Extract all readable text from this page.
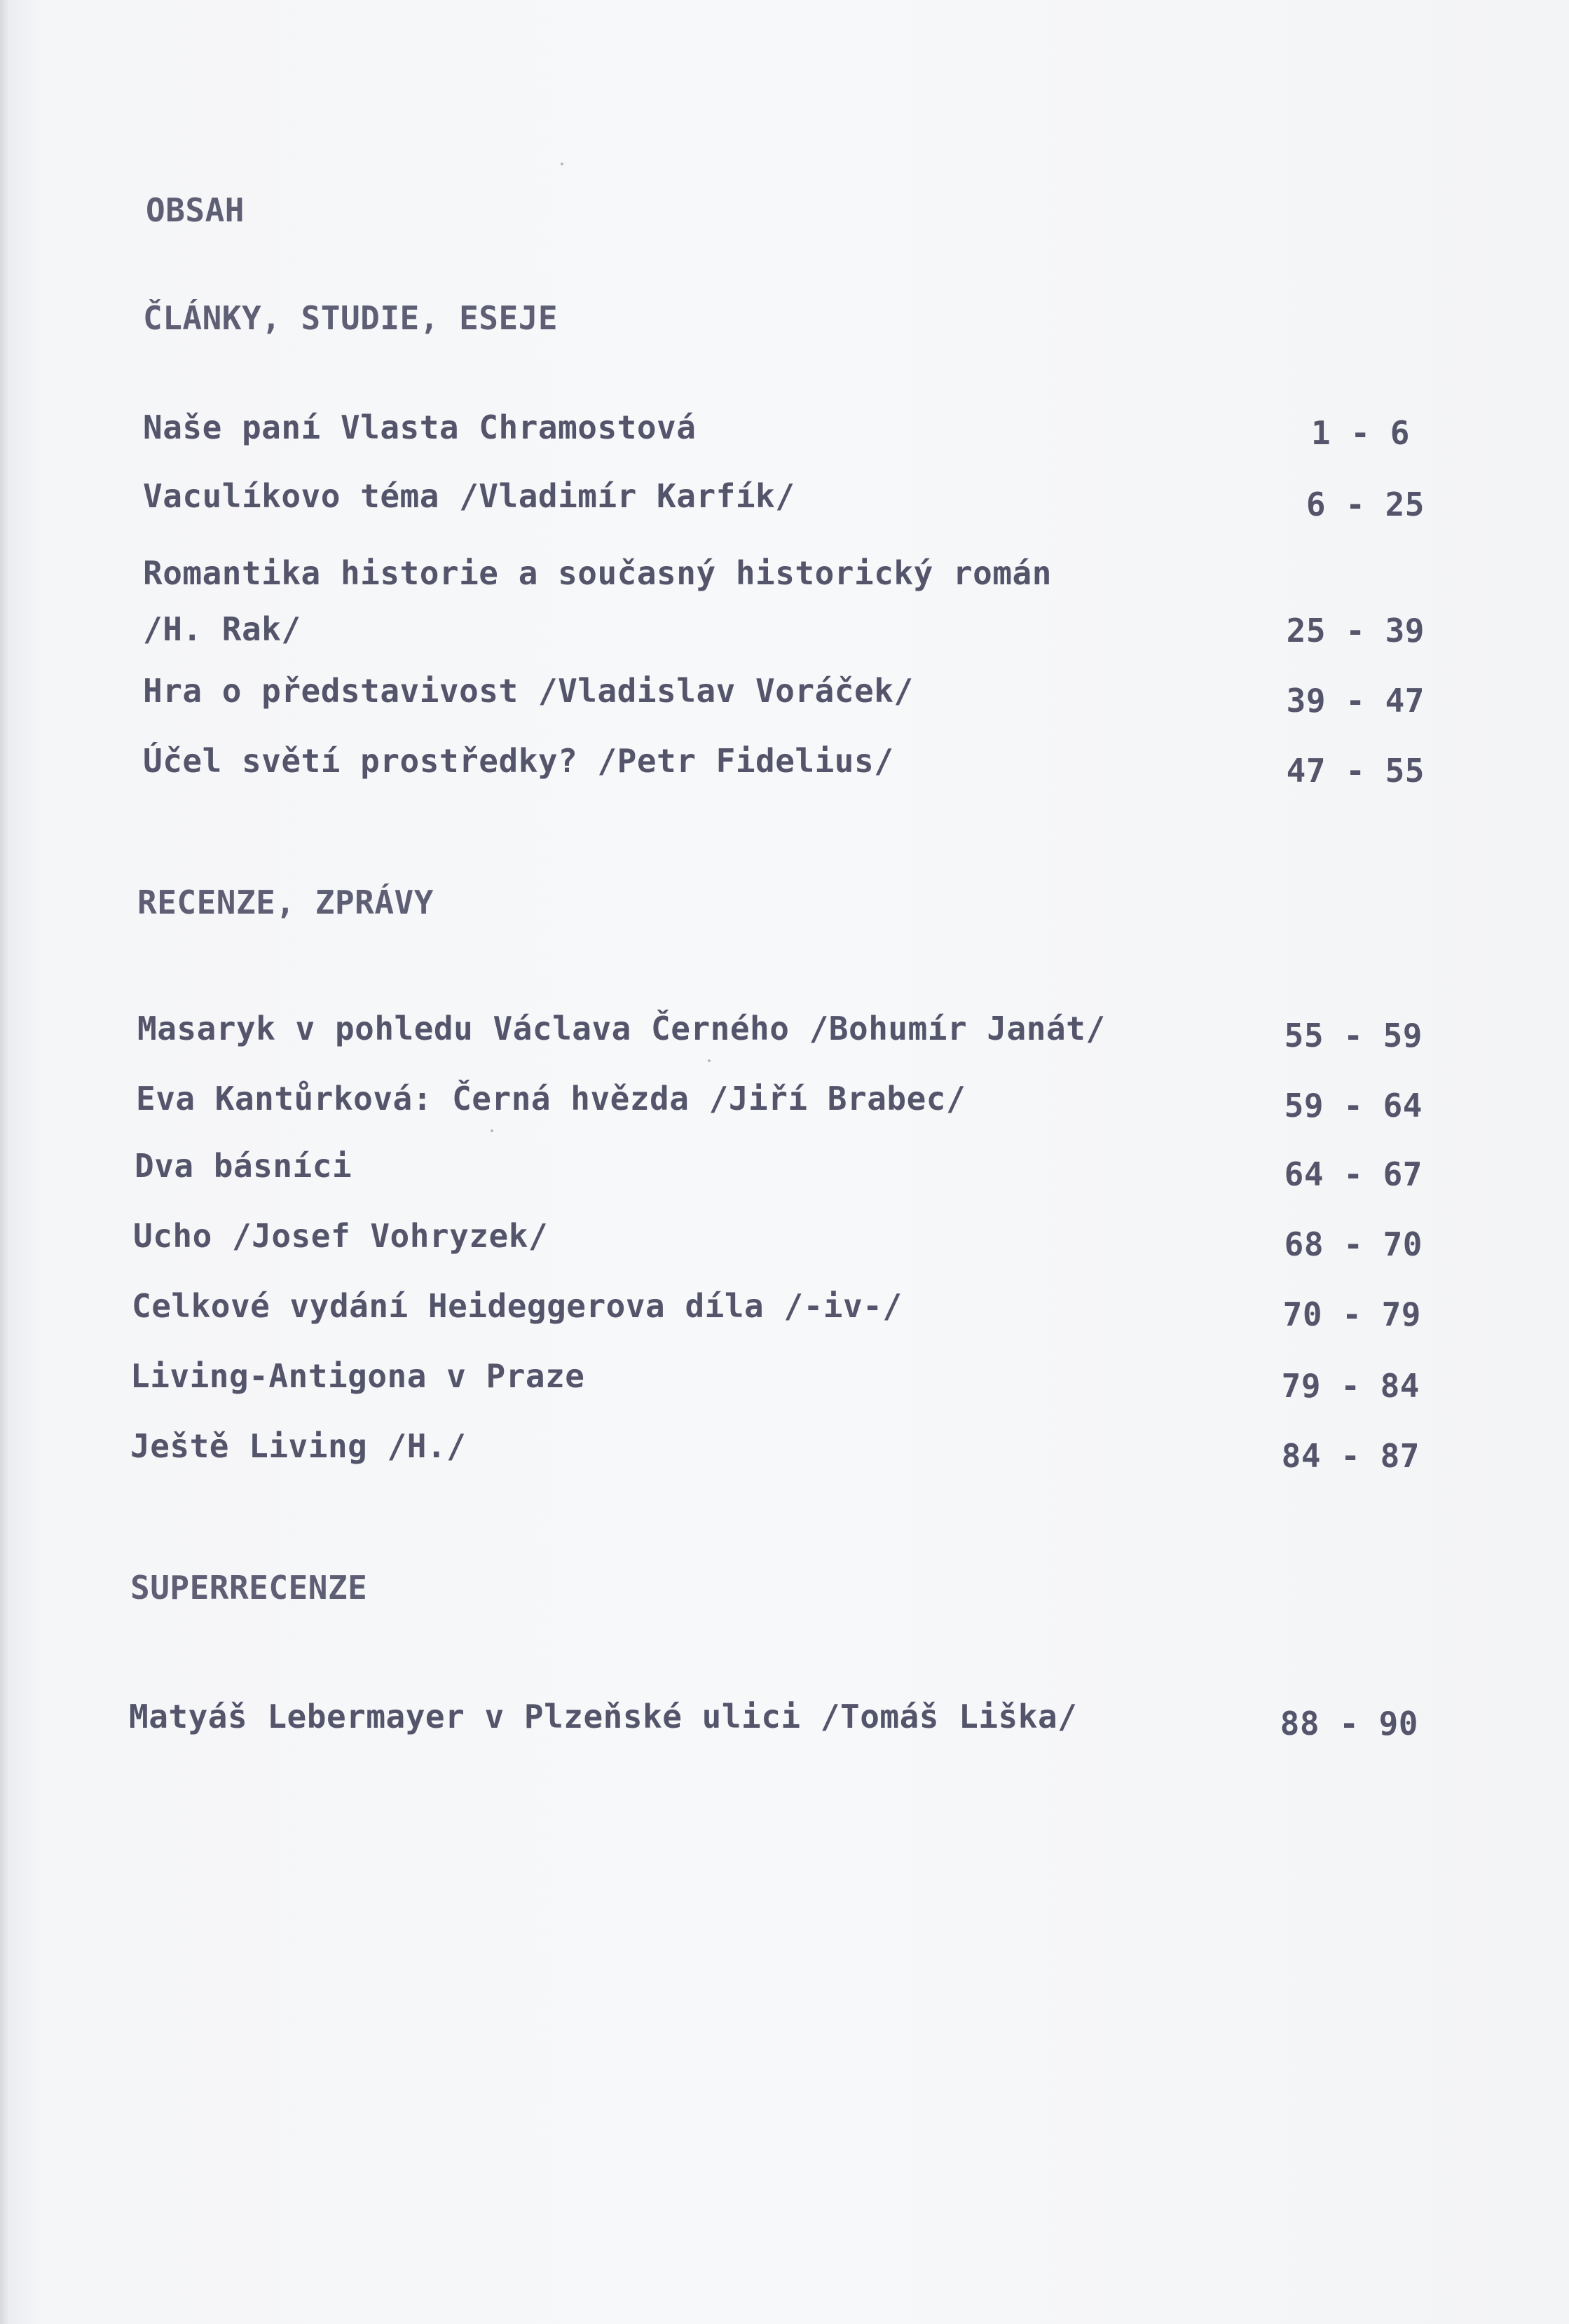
OBSAH
ČLÁNKY, STUDIE, ESEJE
Naše paní Vlasta Chramostová	1 - 6
Vaculíkovo téma /Vladimír Karfík/	6 - 25
Romantika historie a současný historický román
/H. Rak/	25 - 39
Hra o představivost /Vladislav Voráček/	39 - 47
Účel světí prostředky? /Petr Fidelius/	47 - 55
RECENZE, ZPRÁVY
Masaryk v pohledu Václava Černého /Bohumír Janát/	55 - 59
Eva Kantůrková: Černá hvězda /Jiří Brabec/	59 - 64
Dva básníci	64 - 67
Ucho /Josef Vohryzek/	68 - 70
Celkové vydání Heideggerova díla /-iv-/	70 - 79
Living-Antigona v Praze	79 - 84
Ještě Living /H./	84 - 87
SUPERRECENZE
Matyáš Lebermayer v Plzeňské ulici /Tomáš Liška/	88 - 90
